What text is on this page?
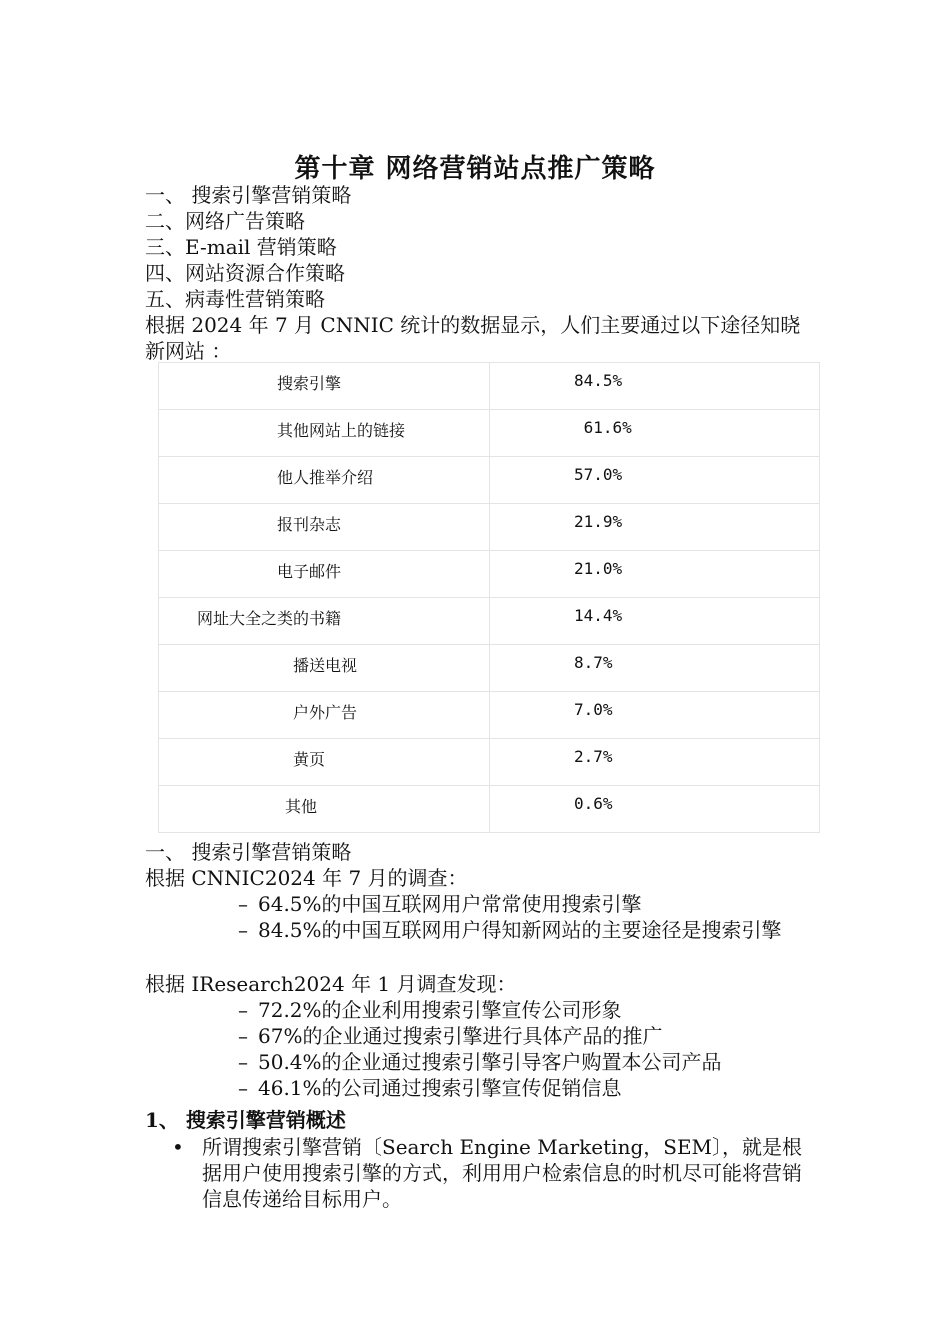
第十章 网络营销站点推广策略
一、 搜索引擎营销策略
二、网络广告策略
三、E-mail 营销策略
四、网站资源合作策略
五、病毒性营销策略
根据 2024 年 7 月 CNNIC 统计的数据显示，人们主要通过以下途径知晓新网站 ：
搜索引擎	84.5%
其他网站上的链接	61.6%
他人推举介绍	57.0%
报刊杂志	21.9%
电子邮件	21.0%
网址大全之类的书籍	14.4%
播送电视	8.7%
户外广告	7.0%
黄页	2.7%
其他	0.6%
一、 搜索引擎营销策略
根据 CNNIC2024 年 7 月的调查：
– 64.5%的中国互联网用户常常使用搜索引擎
– 84.5%的中国互联网用户得知新网站的主要途径是搜索引擎
根据 IResearch2024 年 1 月调查发现：
– 72.2%的企业利用搜索引擎宣传公司形象
– 67%的企业通过搜索引擎进行具体产品的推广
– 50.4%的企业通过搜索引擎引导客户购置本公司产品
– 46.1%的公司通过搜索引擎宣传促销信息
1、 搜索引擎营销概述
• 所谓搜索引擎营销〔Search Engine Marketing，SEM〕，就是根据用户使用搜索引擎的方式，利用用户检索信息的时机尽可能将营销信息传递给目标用户。
